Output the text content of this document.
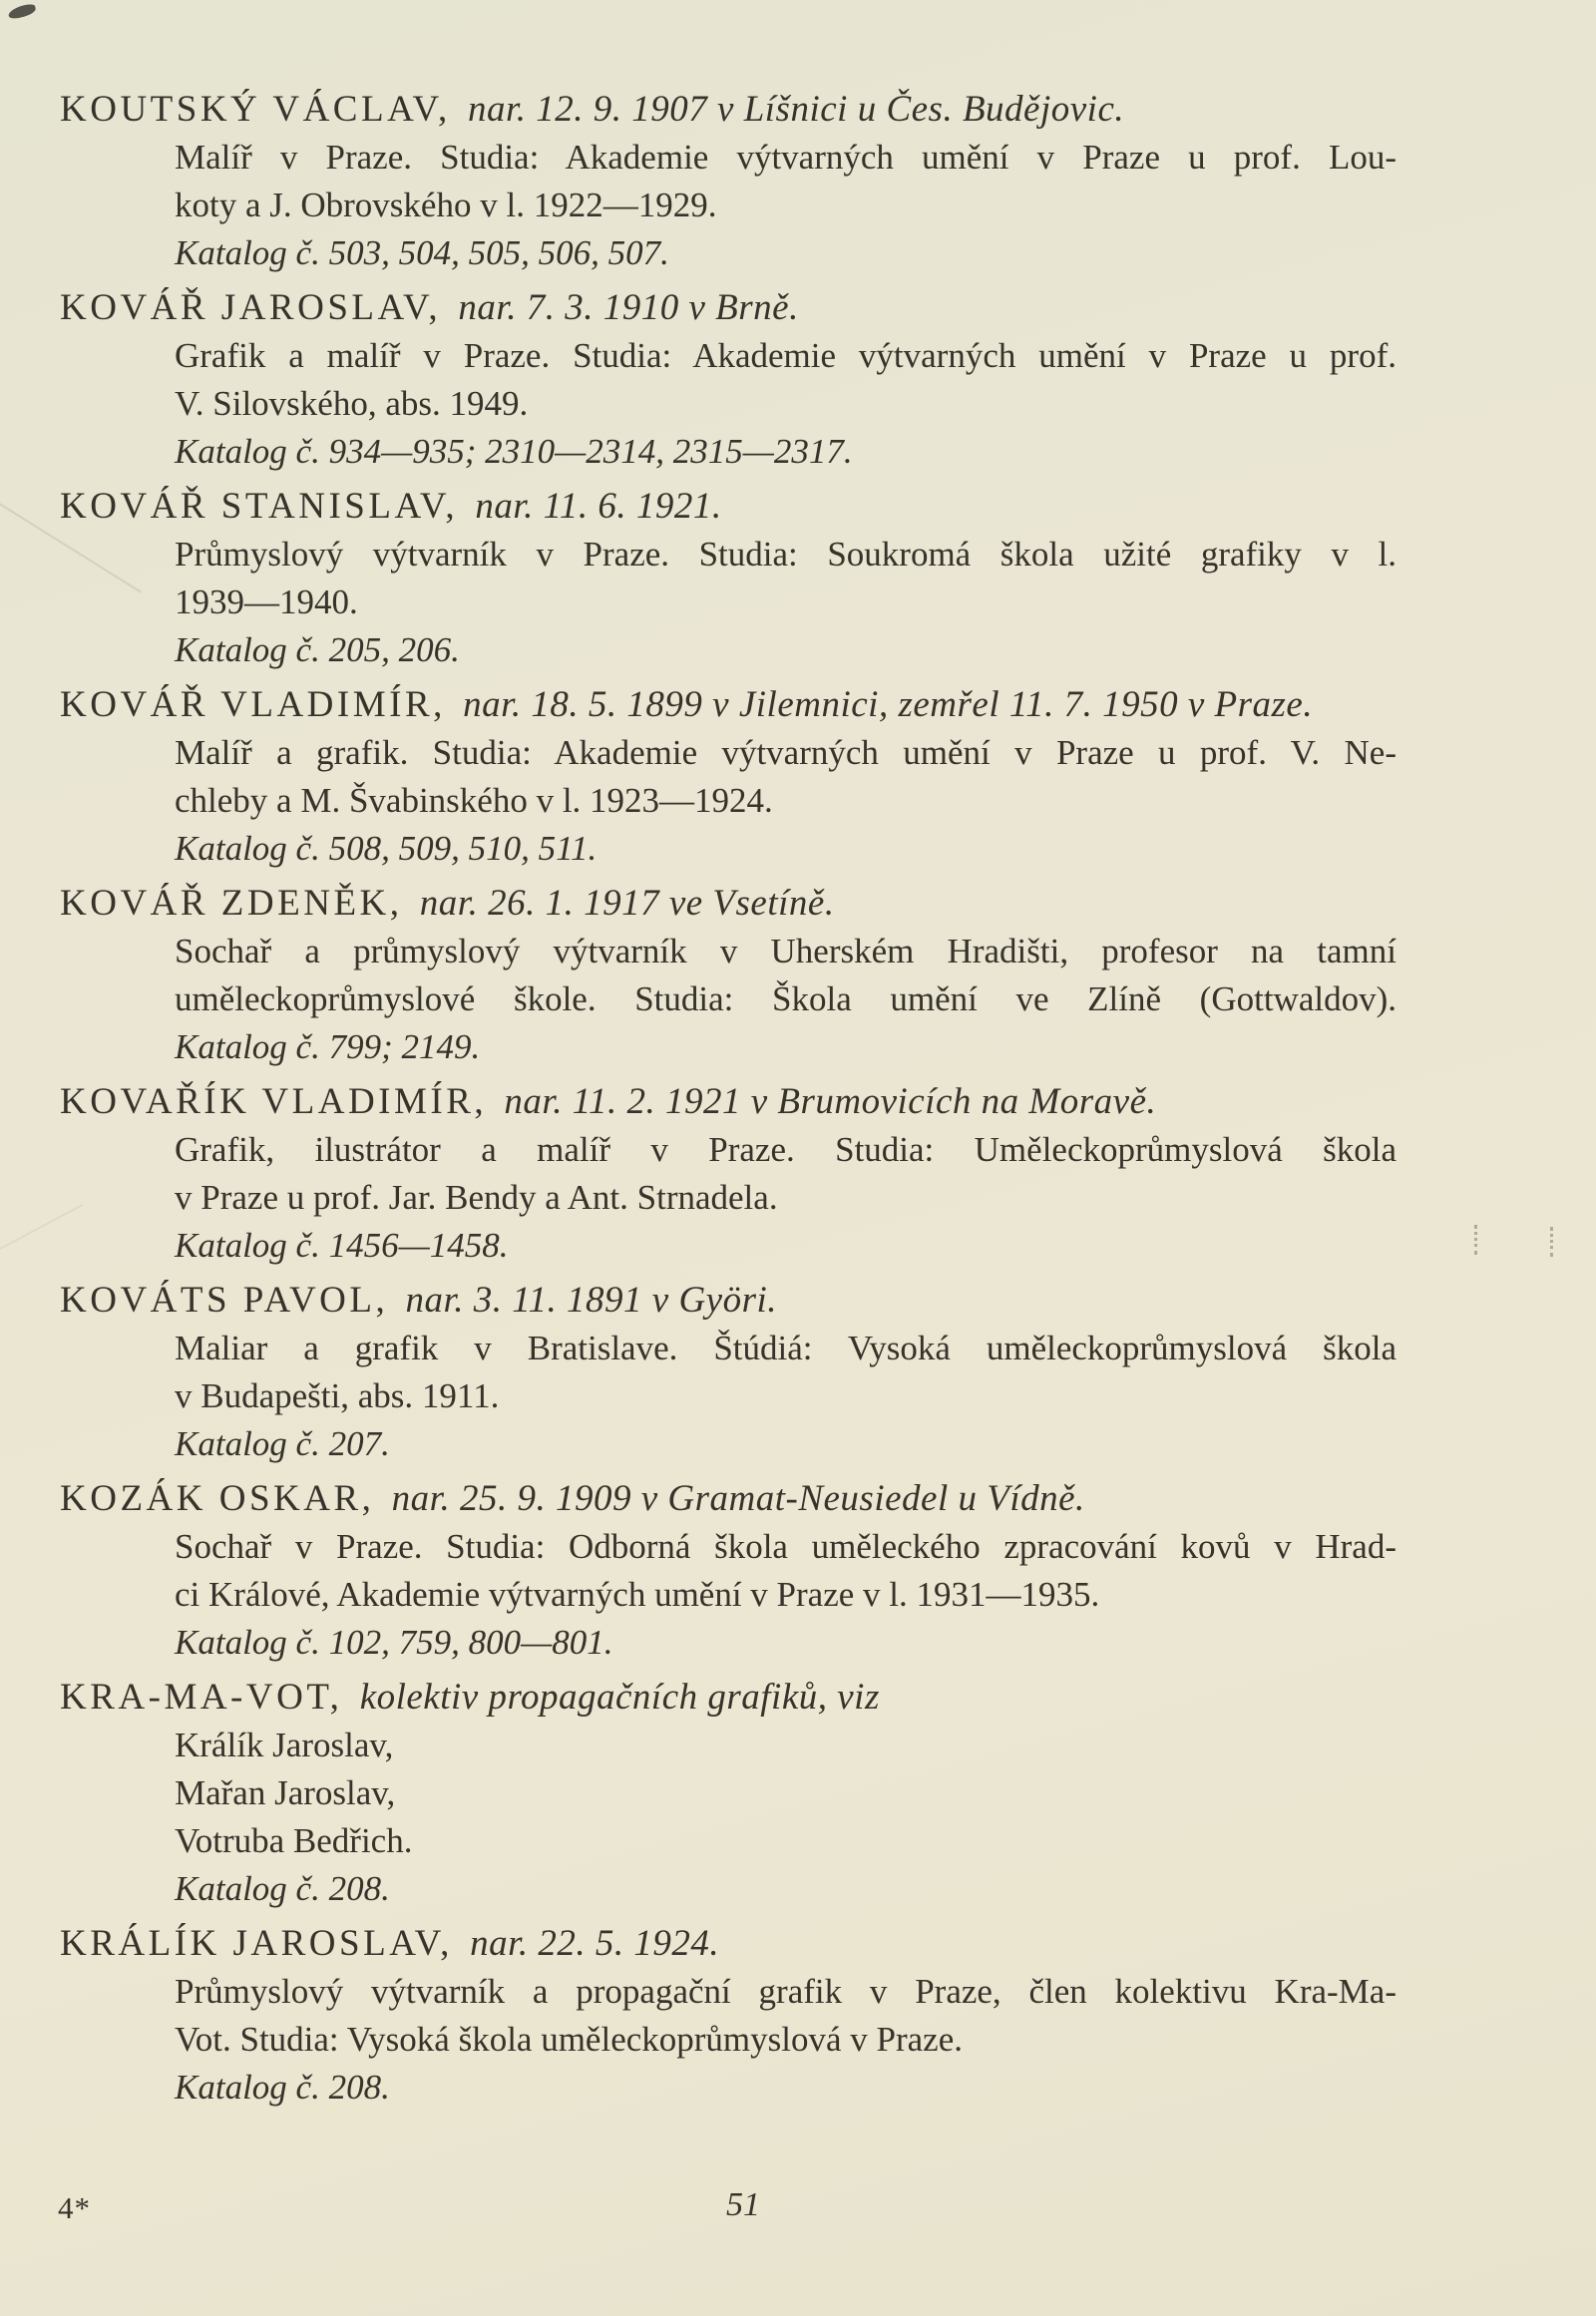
KOUTSKÝ VÁCLAV, nar. 12. 9. 1907 v Líšnici u Čes. Budějovic.
Malíř v Praze. Studia: Akademie výtvarných umění v Praze u prof. Lou-
koty a J. Obrovského v l. 1922—1929.
Katalog č. 503, 504, 505, 506, 507.
KOVÁŘ JAROSLAV, nar. 7. 3. 1910 v Brně.
Grafik a malíř v Praze. Studia: Akademie výtvarných umění v Praze u prof.
V. Silovského, abs. 1949.
Katalog č. 934—935; 2310—2314, 2315—2317.
KOVÁŘ STANISLAV, nar. 11. 6. 1921.
Průmyslový výtvarník v Praze. Studia: Soukromá škola užité grafiky v l.
1939—1940.
Katalog č. 205, 206.
KOVÁŘ VLADIMÍR, nar. 18. 5. 1899 v Jilemnici, zemřel 11. 7. 1950 v Praze.
Malíř a grafik. Studia: Akademie výtvarných umění v Praze u prof. V. Ne-
chleby a M. Švabinského v l. 1923—1924.
Katalog č. 508, 509, 510, 511.
KOVÁŘ ZDENĚK, nar. 26. 1. 1917 ve Vsetíně.
Sochař a průmyslový výtvarník v Uherském Hradišti, profesor na tamní
uměleckoprůmyslové škole. Studia: Škola umění ve Zlíně (Gottwaldov).
Katalog č. 799; 2149.
KOVAŘÍK VLADIMÍR, nar. 11. 2. 1921 v Brumovicích na Moravě.
Grafik, ilustrátor a malíř v Praze. Studia: Uměleckoprůmyslová škola
v Praze u prof. Jar. Bendy a Ant. Strnadela.
Katalog č. 1456—1458.
KOVÁTS PAVOL, nar. 3. 11. 1891 v Györi.
Maliar a grafik v Bratislave. Štúdiá: Vysoká uměleckoprůmyslová škola
v Budapešti, abs. 1911.
Katalog č. 207.
KOZÁK OSKAR, nar. 25. 9. 1909 v Gramat-Neusiedel u Vídně.
Sochař v Praze. Studia: Odborná škola uměleckého zpracování kovů v Hrad-
ci Králové, Akademie výtvarných umění v Praze v l. 1931—1935.
Katalog č. 102, 759, 800—801.
KRA-MA-VOT, kolektiv propagačních grafiků, viz
Králík Jaroslav,
Mařan Jaroslav,
Votruba Bedřich.
Katalog č. 208.
KRÁLÍK JAROSLAV, nar. 22. 5. 1924.
Průmyslový výtvarník a propagační grafik v Praze, člen kolektivu Kra-Ma-
Vot. Studia: Vysoká škola uměleckoprůmyslová v Praze.
Katalog č. 208.
4*	51
